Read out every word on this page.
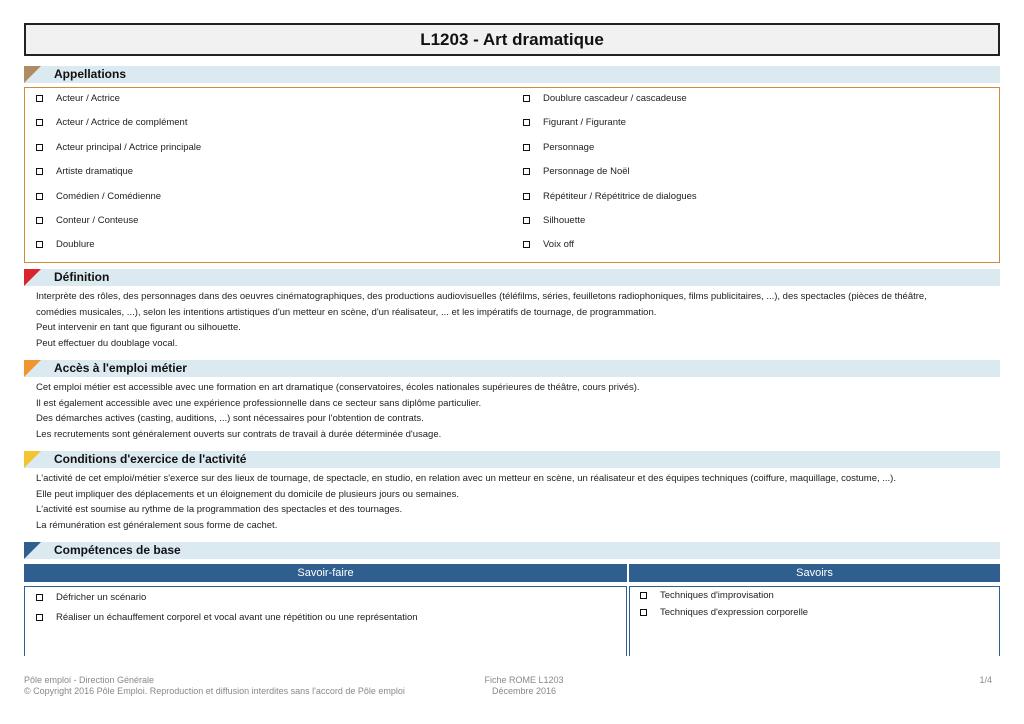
L1203 - Art dramatique
Appellations
Acteur / Actrice
Acteur / Actrice de complément
Acteur principal / Actrice principale
Artiste dramatique
Comédien / Comédienne
Conteur / Conteuse
Doublure
Doublure cascadeur / cascadeuse
Figurant / Figurante
Personnage
Personnage de Noël
Répétiteur / Répétitrice de dialogues
Silhouette
Voix off
Définition
Interprète des rôles, des personnages dans des oeuvres cinématographiques, des productions audiovisuelles (téléfilms, séries, feuilletons radiophoniques, films publicitaires, ...), des spectacles (pièces de théâtre,
comédies musicales, ...), selon les intentions artistiques d'un metteur en scène, d'un réalisateur, ... et les impératifs de tournage, de programmation.
Peut intervenir en tant que figurant ou silhouette.
Peut effectuer du doublage vocal.
Accès à l'emploi métier
Cet emploi métier est accessible avec une formation en art dramatique (conservatoires, écoles nationales supérieures de théâtre, cours privés).
Il est également accessible avec une expérience professionnelle dans ce secteur sans diplôme particulier.
Des démarches actives (casting, auditions, ...) sont nécessaires pour l'obtention de contrats.
Les recrutements sont généralement ouverts sur contrats de travail à durée déterminée d'usage.
Conditions d'exercice de l'activité
L'activité de cet emploi/métier s'exerce sur des lieux de tournage, de spectacle, en studio, en relation avec un metteur en scène, un réalisateur et des équipes techniques (coiffure, maquillage, costume, ...).
Elle peut impliquer des déplacements et un éloignement du domicile de plusieurs jours ou semaines.
L'activité est soumise au rythme de la programmation des spectacles et des tournages.
La rémunération est généralement sous forme de cachet.
Compétences de base
Savoir-faire	Savoirs
Défricher un scénario
Réaliser un échauffement corporel et vocal avant une répétition ou une représentation
Techniques d'improvisation
Techniques d'expression corporelle
Pôle emploi - Direction Générale
© Copyright 2016 Pôle Emploi. Reproduction et diffusion interdites sans l'accord de Pôle emploi
Fiche ROME L1203
Décembre 2016
1/4
